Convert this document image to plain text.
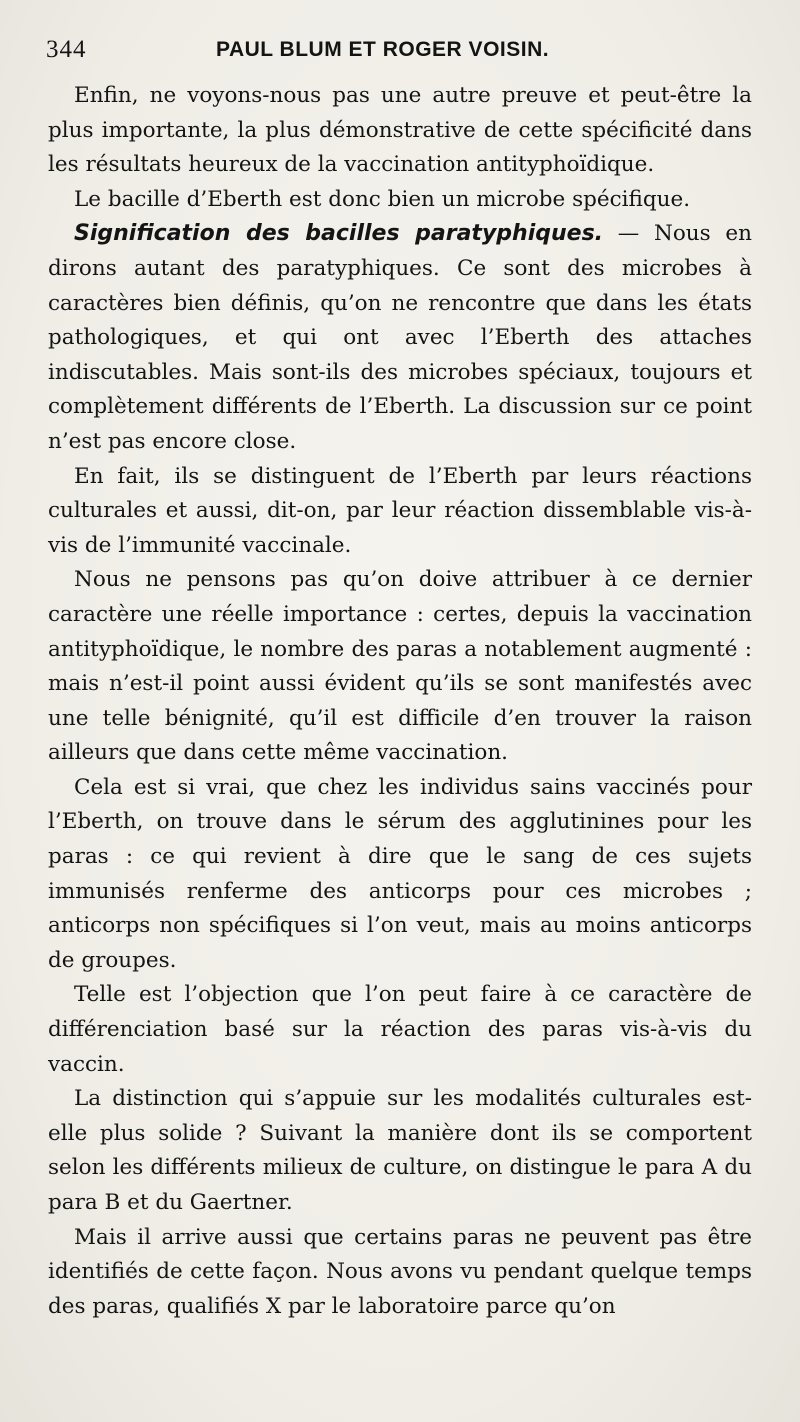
344	PAUL BLUM ET ROGER VOISIN.

Enfin, ne voyons-nous pas une autre preuve et peut-être la plus importante, la plus démonstrative de cette spécificité dans les résultats heureux de la vaccination antityphoïdique.

Le bacille d’Eberth est donc bien un microbe spécifique.

Signification des bacilles paratyphiques. — Nous en dirons autant des paratyphiques. Ce sont des microbes à caractères bien définis, qu’on ne rencontre que dans les états pathologiques, et qui ont avec l’Eberth des attaches indiscutables. Mais sont-ils des microbes spéciaux, toujours et complètement différents de l’Eberth. La discussion sur ce point n’est pas encore close.

En fait, ils se distinguent de l’Eberth par leurs réactions culturales et aussi, dit-on, par leur réaction dissemblable vis-à-vis de l’immunité vaccinale.

Nous ne pensons pas qu’on doive attribuer à ce dernier caractère une réelle importance : certes, depuis la vaccination antityphoïdique, le nombre des paras a notablement augmenté : mais n’est-il point aussi évident qu’ils se sont manifestés avec une telle bénignité, qu’il est difficile d’en trouver la raison ailleurs que dans cette même vaccination.

Cela est si vrai, que chez les individus sains vaccinés pour l’Eberth, on trouve dans le sérum des agglutinines pour les paras : ce qui revient à dire que le sang de ces sujets immunisés renferme des anticorps pour ces microbes ; anticorps non spécifiques si l’on veut, mais au moins anticorps de groupes.

Telle est l’objection que l’on peut faire à ce caractère de différenciation basé sur la réaction des paras vis-à-vis du vaccin.

La distinction qui s’appuie sur les modalités culturales est-elle plus solide ? Suivant la manière dont ils se comportent selon les différents milieux de culture, on distingue le para A du para B et du Gaertner.

Mais il arrive aussi que certains paras ne peuvent pas être identifiés de cette façon. Nous avons vu pendant quelque temps des paras, qualifiés X par le laboratoire parce qu’on
